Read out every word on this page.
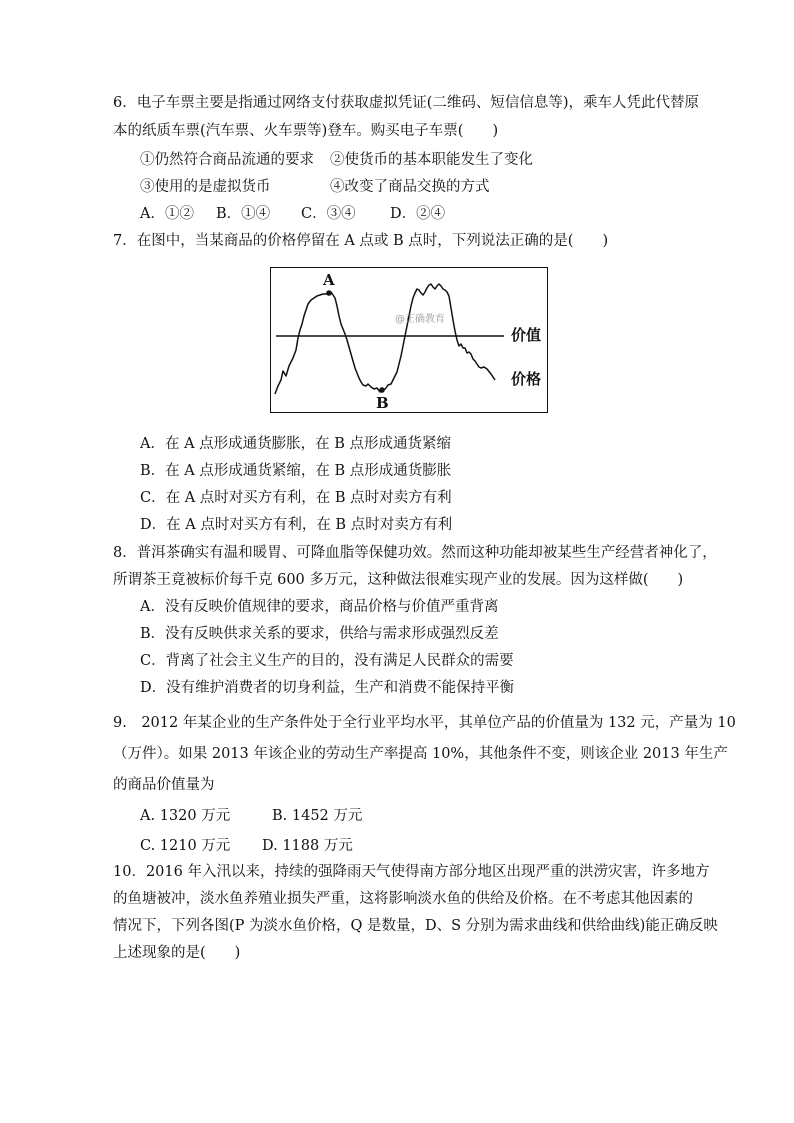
6．电子车票主要是指通过网络支付获取虚拟凭证(二维码、短信信息等)，乘车人凭此代替原
本的纸质车票(汽车票、火车票等)登车。购买电子车票(　　)
①仍然符合商品流通的要求 ②使货币的基本职能发生了变化
③使用的是虚拟货币	④改变了商品交换的方式
A．①② B．①④ C．③④ D．②④
7．在图中，当某商品的价格停留在 A 点或 B 点时，下列说法正确的是(　　)
A
B
价值
价格
@正确教育
A．在 A 点形成通货膨胀，在 B 点形成通货紧缩
B．在 A 点形成通货紧缩，在 B 点形成通货膨胀
C．在 A 点时对买方有利，在 B 点时对卖方有利
D．在 A 点时对买方有利，在 B 点时对卖方有利
8．普洱茶确实有温和暖胃、可降血脂等保健功效。然而这种功能却被某些生产经营者神化了，
所谓茶王竟被标价每千克 600 多万元，这种做法很难实现产业的发展。因为这样做(　　)
A．没有反映价值规律的要求，商品价格与价值严重背离
B．没有反映供求关系的要求，供给与需求形成强烈反差
C．背离了社会主义生产的目的，没有满足人民群众的需要
D．没有维护消费者的切身利益，生产和消费不能保持平衡
9.　2012 年某企业的生产条件处于全行业平均水平，其单位产品的价值量为 132 元，产量为 10
（万件）。如果 2013 年该企业的劳动生产率提高 10%，其他条件不变，则该企业 2013 年生产
的商品价值量为
A. 1320 万元	B. 1452 万元
C. 1210 万元 D. 1188 万元
10．2016 年入汛以来，持续的强降雨天气使得南方部分地区出现严重的洪涝灾害，许多地方
的鱼塘被冲，淡水鱼养殖业损失严重，这将影响淡水鱼的供给及价格。在不考虑其他因素的
情况下，下列各图(P 为淡水鱼价格，Q 是数量，D、S 分别为需求曲线和供给曲线)能正确反映
上述现象的是(　　)
